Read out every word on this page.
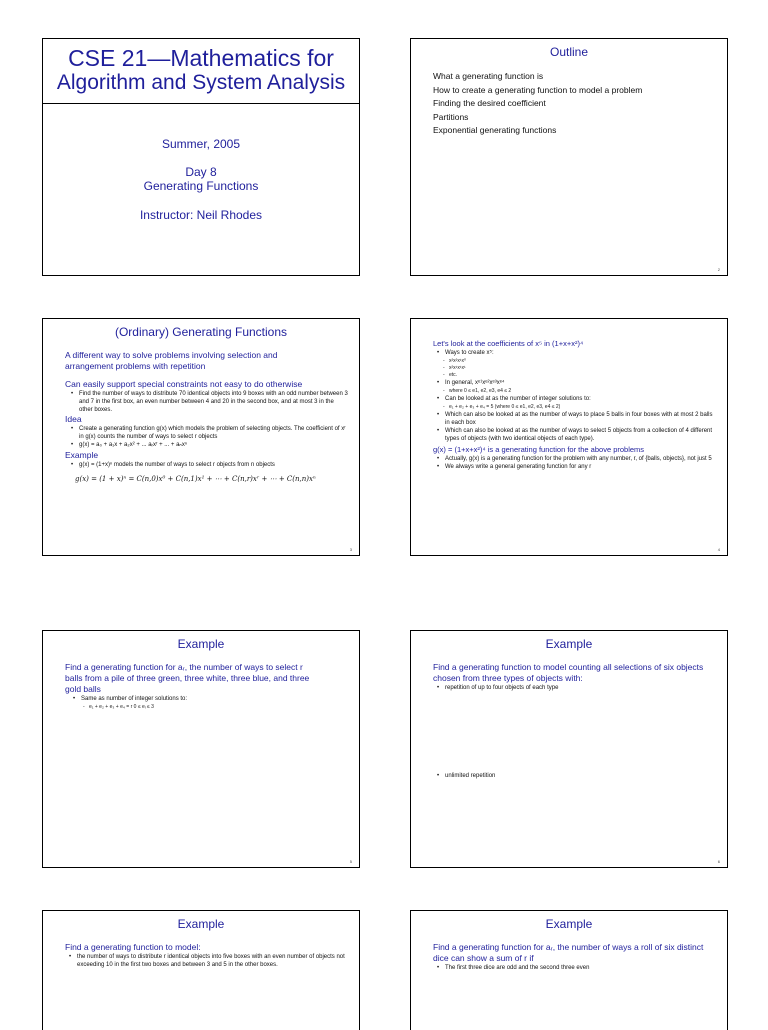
CSE 21—Mathematics for
Algorithm and System Analysis
Summer, 2005
Day 8
Generating Functions
Instructor: Neil Rhodes
Outline
What a generating function is
How to create a generating function to model a problem
Finding the desired coefficient
Partitions
Exponential generating functions
2
(Ordinary) Generating Functions
A different way to solve problems involving selection and arrangement problems with repetition
Can easily support special constraints not easy to do otherwise
• Find the number of ways to distribute 70 identical objects into 9 boxes with an odd number between 3 and 7 in the first box, an even number between 4 and 20 in the second box, and at most 3 in the other boxes.
Idea
• Create a generating function g(x) which models the problem of selecting objects. The coefficient of xʳ in g(x) counts the number of ways to select r objects
• g(x) = a₀ + a₁x + a₂x² + ... aᵣxʳ + ... + aₙxⁿ
Example
• g(x) = (1+x)ⁿ models the number of ways to select r objects from n objects
g(x) = (1 + x)ⁿ = C(n,0)x⁰ + C(n,1)x¹ + ⋯ + C(n,r)xʳ + ⋯ + C(n,n)xⁿ
3
Let's look at the coefficients of x⁵ in (1+x+x²)⁴
• Ways to create x⁵:
- x²x²x¹x⁰
- x²x¹x¹x¹
- etc.
• In general, xᵉ¹xᵉ²xᵉ³xᵉ⁴
- where 0 ≤ e1, e2, e3, e4 ≤ 2
• Can be looked at as the number of integer solutions to:
- e₁ + e₂ + e₃ + e₄ = 5 (where 0 ≤ e1, e2, e3, e4 ≤ 2)
• Which can also be looked at as the number of ways to place 5 balls in four boxes with at most 2 balls in each box
• Which can also be looked at as the number of ways to select 5 objects from a collection of 4 different types of objects (with two identical objects of each type).
g(x) = (1+x+x²)⁴ is a generating function for the above problems
• Actually, g(x) is a generating function for the problem with any number, r, of {balls, objects}, not just 5
• We always write a general generating function for any r
4
Example
Find a generating function for aᵣ, the number of ways to select r balls from a pile of three green, three white, three blue, and three gold balls
• Same as number of integer solutions to:
- e₁ + e₂ + e₃ + e₄ = r 0 ≤ eᵢ ≤ 3
5
Example
Find a generating function to model counting all selections of six objects chosen from three types of objects with:
• repetition of up to four objects of each type
• unlimited repetition
6
Example
Find a generating function to model:
• the number of ways to distribute r identical objects into five boxes with an even number of objects not exceeding 10 in the first two boxes and between 3 and 5 in the other boxes.
Example
Find a generating function for aᵣ, the number of ways a roll of six distinct dice can show a sum of r if
• The first three dice are odd and the second three even
